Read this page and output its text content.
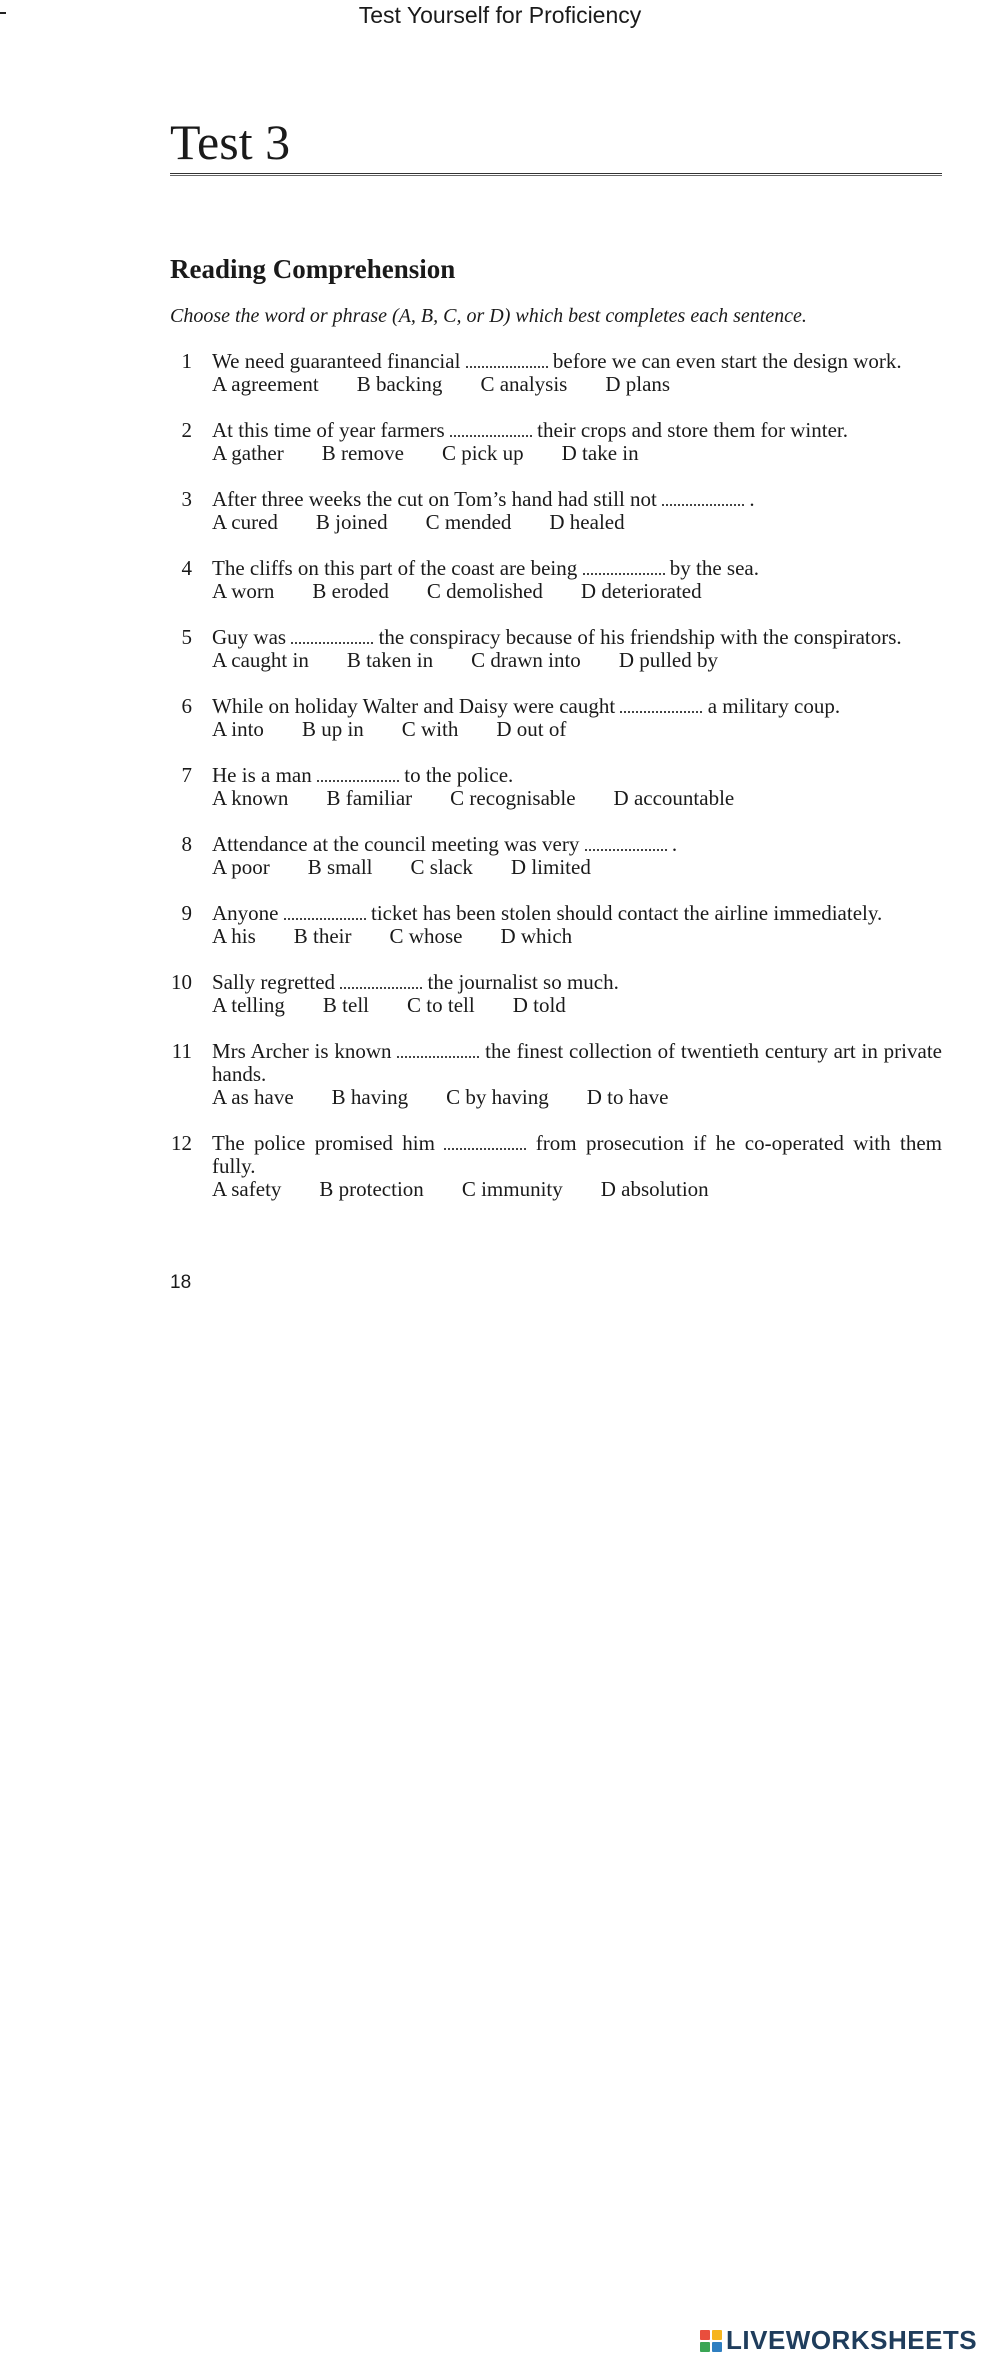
Test Yourself for Proficiency
Test 3
Reading Comprehension
Choose the word or phrase (A, B, C, or D) which best completes each sentence.
1 We need guaranteed financial	before we can even start the design work.
A agreement B backing C analysis D plans
2 At this time of year farmers	their crops and store them for winter.
A gather B remove C pick up D take in
3 After three weeks the cut on Tom’s hand had still not	.
A cured B joined C mended D healed
4 The cliffs on this part of the coast are being	by the sea.
A worn B eroded C demolished D deteriorated
5 Guy was	the conspiracy because of his friendship with the conspirators.
A caught in B taken in C drawn into D pulled by
6 While on holiday Walter and Daisy were caught	a military coup.
A into B up in C with D out of
7 He is a man	to the police.
A known B familiar C recognisable D accountable
8 Attendance at the council meeting was very	.
A poor B small C slack D limited
9 Anyone	ticket has been stolen should contact the airline immediately.
A his B their C whose D which
10 Sally regretted	the journalist so much.
A telling B tell C to tell D told
11 Mrs Archer is known	the finest collection of twentieth century art in private hands.
A as have B having C by having D to have
12 The police promised him	from prosecution if he co-operated with them fully.
A safety B protection C immunity D absolution
18
LIVEWORKSHEETS
